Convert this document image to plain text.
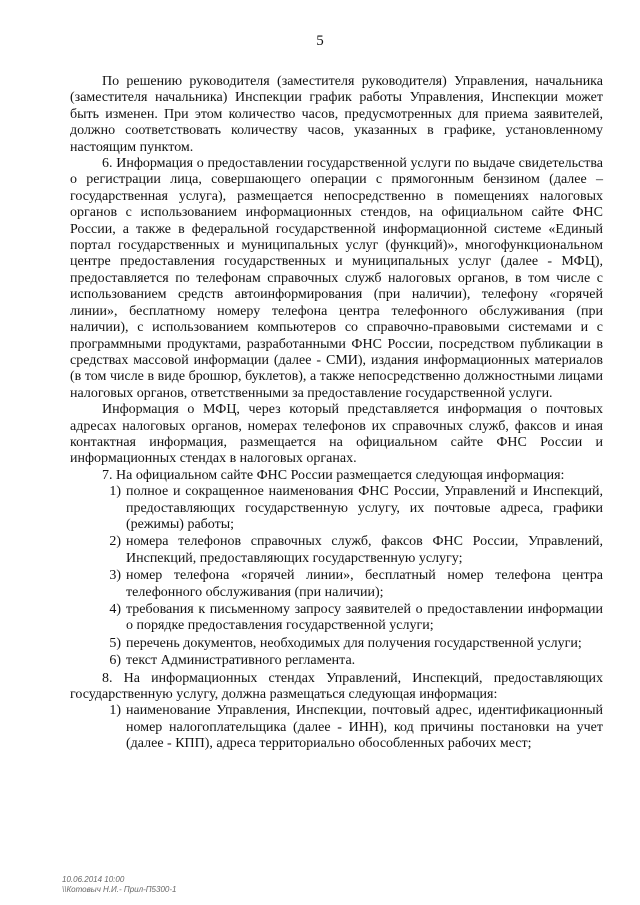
5

По решению руководителя (заместителя руководителя) Управления, начальника (заместителя начальника) Инспекции график работы Управления, Инспекции может быть изменен. При этом количество часов, предусмотренных для приема заявителей, должно соответствовать количеству часов, указанных в графике, установленному настоящим пунктом.

6. Информация о предоставлении государственной услуги по выдаче свидетельства о регистрации лица, совершающего операции с прямогонным бензином (далее – государственная услуга), размещается непосредственно в помещениях налоговых органов с использованием информационных стендов, на официальном сайте ФНС России, а также в федеральной государственной информационной системе «Единый портал государственных и муниципальных услуг (функций)», многофункциональном центре предоставления государственных и муниципальных услуг (далее - МФЦ), предоставляется по телефонам справочных служб налоговых органов, в том числе с использованием средств автоинформирования (при наличии), телефону «горячей линии», бесплатному номеру телефона центра телефонного обслуживания (при наличии), с использованием компьютеров со справочно-правовыми системами и с программными продуктами, разработанными ФНС России, посредством публикации в средствах массовой информации (далее - СМИ), издания информационных материалов (в том числе в виде брошюр, буклетов), а также непосредственно должностными лицами налоговых органов, ответственными за предоставление государственной услуги.

Информация о МФЦ, через который представляется информация о почтовых адресах налоговых органов, номерах телефонов их справочных служб, факсов и иная контактная информация, размещается на официальном сайте ФНС России и информационных стендах в налоговых органах.

7. На официальном сайте ФНС России размещается следующая информация:

1) полное и сокращенное наименования ФНС России, Управлений и Инспекций, предоставляющих государственную услугу, их почтовые адреса, графики (режимы) работы;
2) номера телефонов справочных служб, факсов ФНС России, Управлений, Инспекций, предоставляющих государственную услугу;
3) номер телефона «горячей линии», бесплатный номер телефона центра телефонного обслуживания (при наличии);
4) требования к письменному запросу заявителей о предоставлении информации о порядке предоставления государственной услуги;
5) перечень документов, необходимых для получения государственной услуги;
6) текст Административного регламента.

8. На информационных стендах Управлений, Инспекций, предоставляющих государственную услугу, должна размещаться следующая информация:

1) наименование Управления, Инспекции, почтовый адрес, идентификационный номер налогоплательщика (далее - ИНН), код причины постановки на учет (далее - КПП), адреса территориально обособленных рабочих мест;
10.06.2014 10:00
\\Котовыч Н.И.- Прил-П5300-1
